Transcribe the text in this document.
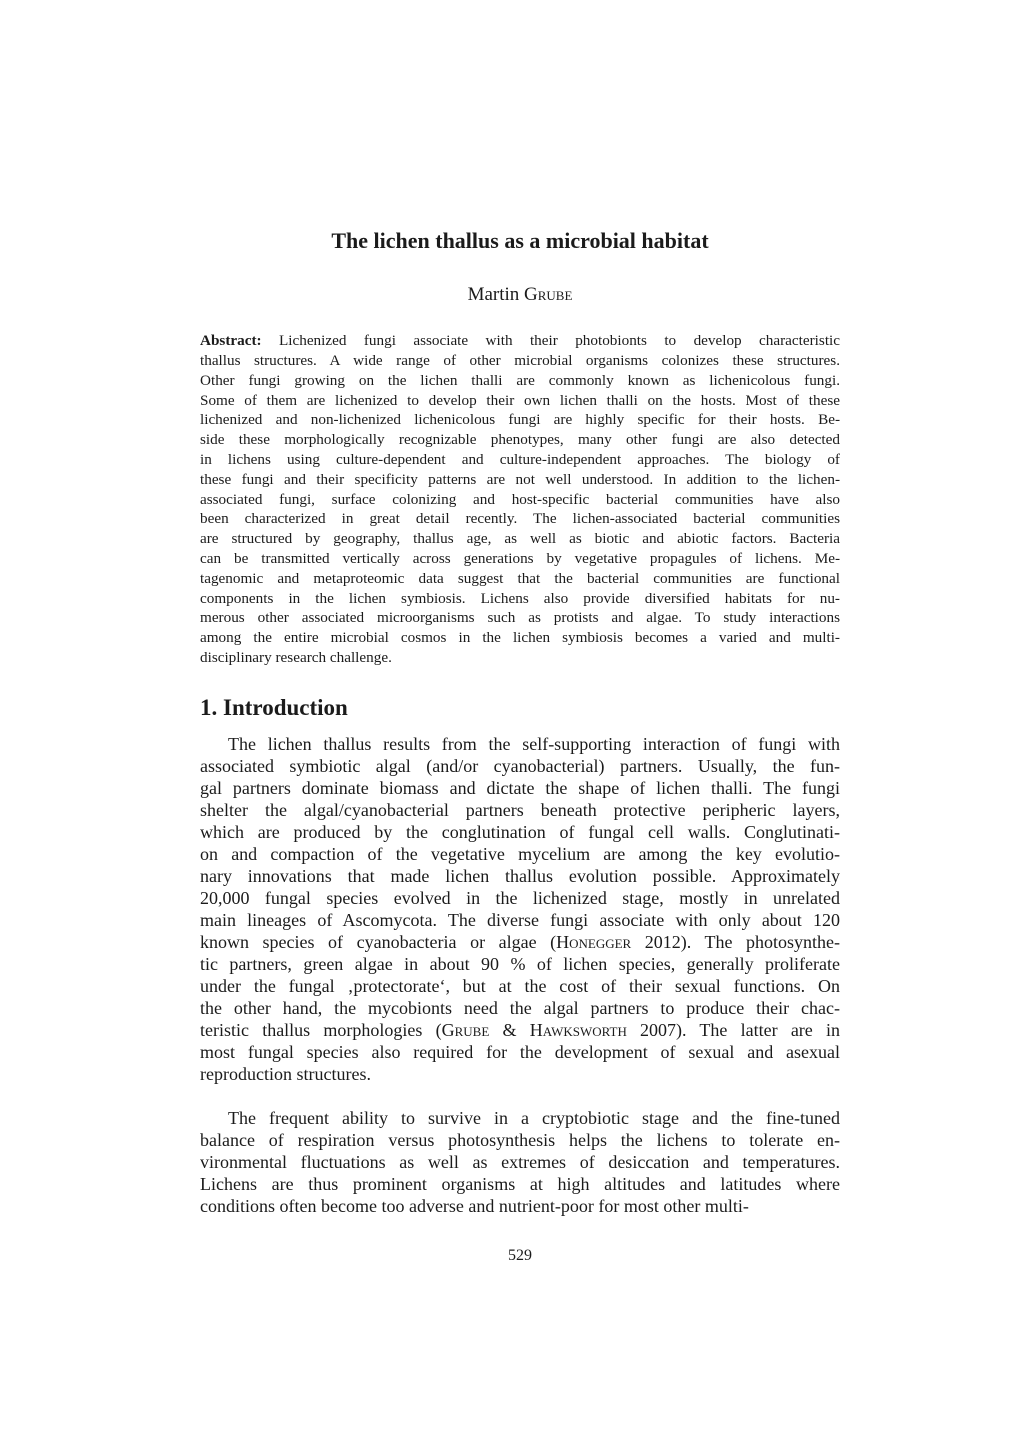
The lichen thallus as a microbial habitat
Martin Grube
Abstract: Lichenized fungi associate with their photobionts to develop characteristic
thallus structures. A wide range of other microbial organisms colonizes these structures.
Other fungi growing on the lichen thalli are commonly known as lichenicolous fungi.
Some of them are lichenized to develop their own lichen thalli on the hosts. Most of these
lichenized and non-lichenized lichenicolous fungi are highly specific for their hosts. Be-
side these morphologically recognizable phenotypes, many other fungi are also detected
in lichens using culture-dependent and culture-independent approaches. The biology of
these fungi and their specificity patterns are not well understood. In addition to the lichen-
associated fungi, surface colonizing and host-specific bacterial communities have also
been characterized in great detail recently. The lichen-associated bacterial communities
are structured by geography, thallus age, as well as biotic and abiotic factors. Bacteria
can be transmitted vertically across generations by vegetative propagules of lichens. Me-
tagenomic and metaproteomic data suggest that the bacterial communities are functional
components in the lichen symbiosis. Lichens also provide diversified habitats for nu-
merous other associated microorganisms such as protists and algae. To study interactions
among the entire microbial cosmos in the lichen symbiosis becomes a varied and multi-
disciplinary research challenge.
1. Introduction
The lichen thallus results from the self-supporting interaction of fungi with
associated symbiotic algal (and/or cyanobacterial) partners. Usually, the fun-
gal partners dominate biomass and dictate the shape of lichen thalli. The fungi
shelter the algal/cyanobacterial partners beneath protective peripheric layers,
which are produced by the conglutination of fungal cell walls. Conglutinati-
on and compaction of the vegetative mycelium are among the key evolutio-
nary innovations that made lichen thallus evolution possible. Approximately
20,000 fungal species evolved in the lichenized stage, mostly in unrelated
main lineages of Ascomycota. The diverse fungi associate with only about 120
known species of cyanobacteria or algae (Honegger 2012). The photosynthe-
tic partners, green algae in about 90 % of lichen species, generally proliferate
under the fungal ‚protectorate‘, but at the cost of their sexual functions. On
the other hand, the mycobionts need the algal partners to produce their chac-
teristic thallus morphologies (Grube & Hawksworth 2007). The latter are in
most fungal species also required for the development of sexual and asexual
reproduction structures.
The frequent ability to survive in a cryptobiotic stage and the fine-tuned
balance of respiration versus photosynthesis helps the lichens to tolerate en-
vironmental fluctuations as well as extremes of desiccation and temperatures.
Lichens are thus prominent organisms at high altitudes and latitudes where
conditions often become too adverse and nutrient-poor for most other multi-
529
